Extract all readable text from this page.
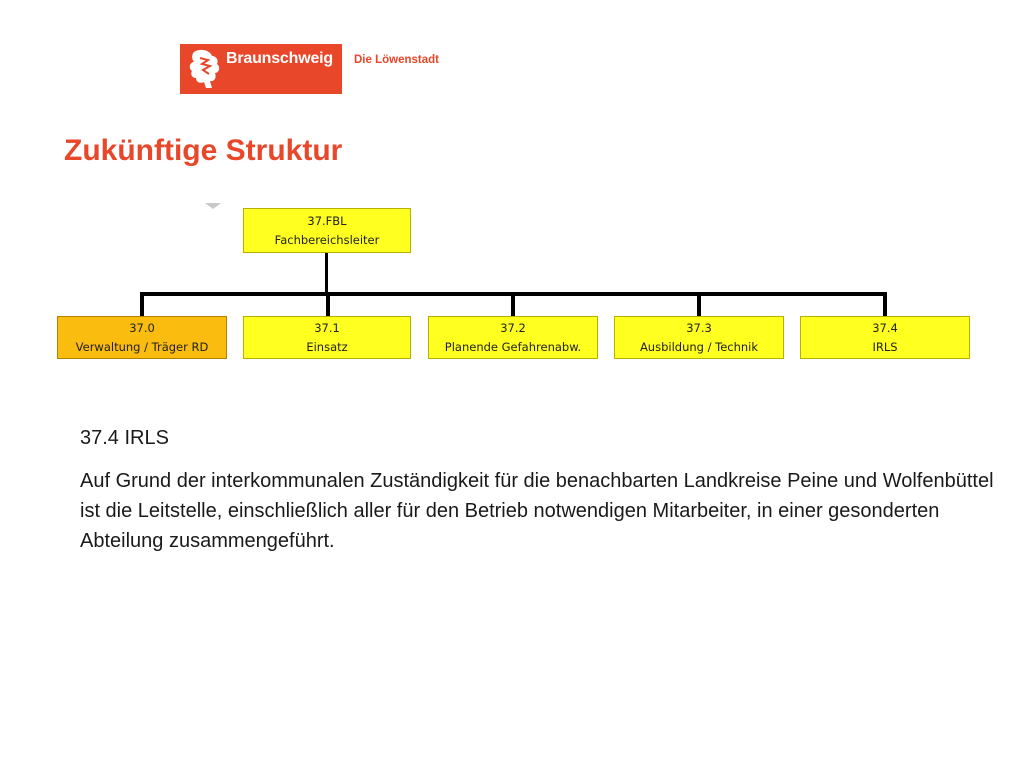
Braunschweig Die Löwenstadt
Zukünftige Struktur
37.FBL
Fachbereichsleiter
37.0
Verwaltung / Träger RD
37.1
Einsatz
37.2
Planende Gefahrenabw.
37.3
Ausbildung / Technik
37.4
IRLS
37.4 IRLS
Auf Grund der interkommunalen Zuständigkeit für die benachbarten Landkreise Peine und Wolfenbüttel ist die Leitstelle, einschließlich aller für den Betrieb notwendigen Mitarbeiter, in einer gesonderten Abteilung zusammengeführt.
